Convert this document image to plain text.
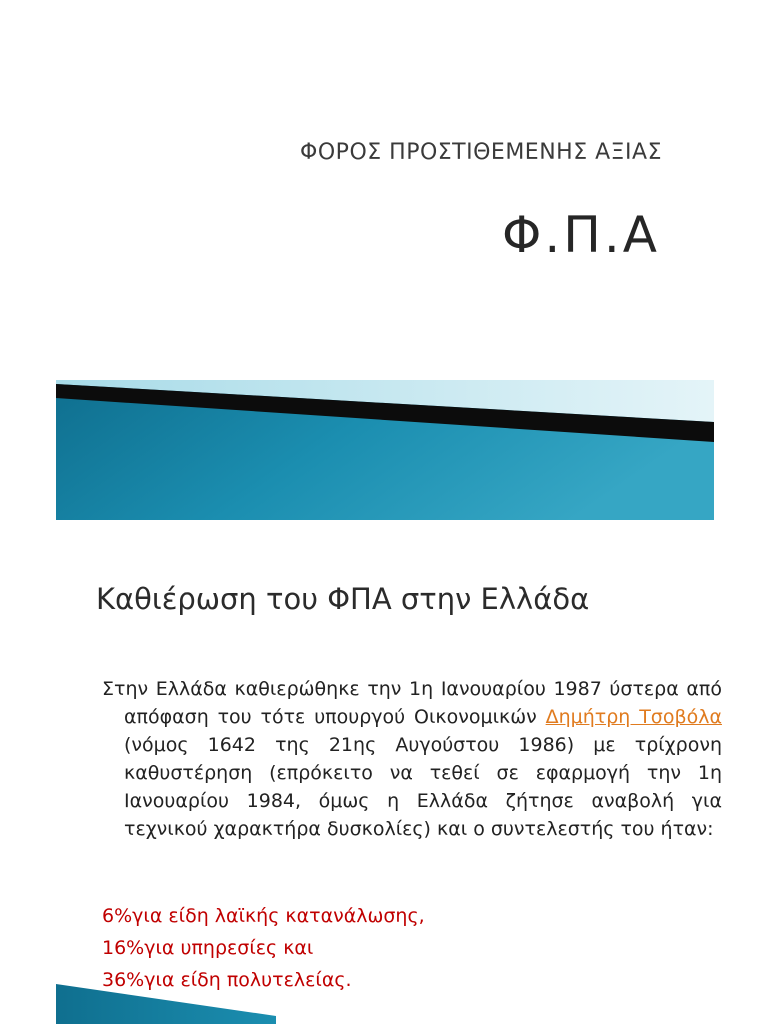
ΦΟΡΟΣ ΠΡΟΣΤΙΘΕΜΕΝΗΣ ΑΞΙΑΣ
Φ.Π.Α
Καθιέρωση του ΦΠΑ στην Ελλάδα
Στην Ελλάδα καθιερώθηκε την 1η Ιανουαρίου 1987 ύστερα από απόφαση του τότε υπουργού Οικονομικών Δημήτρη Τσοβόλα (νόμος 1642 της 21ης Αυγούστου 1986) με τρίχρονη καθυστέρηση (επρόκειτο να τεθεί σε εφαρμογή την 1η Ιανουαρίου 1984, όμως η Ελλάδα ζήτησε αναβολή για τεχνικού χαρακτήρα δυσκολίες) και ο συντελεστής του ήταν:
6%για είδη λαϊκής κατανάλωσης,
16%για υπηρεσίες και
36%για είδη πολυτελείας.
